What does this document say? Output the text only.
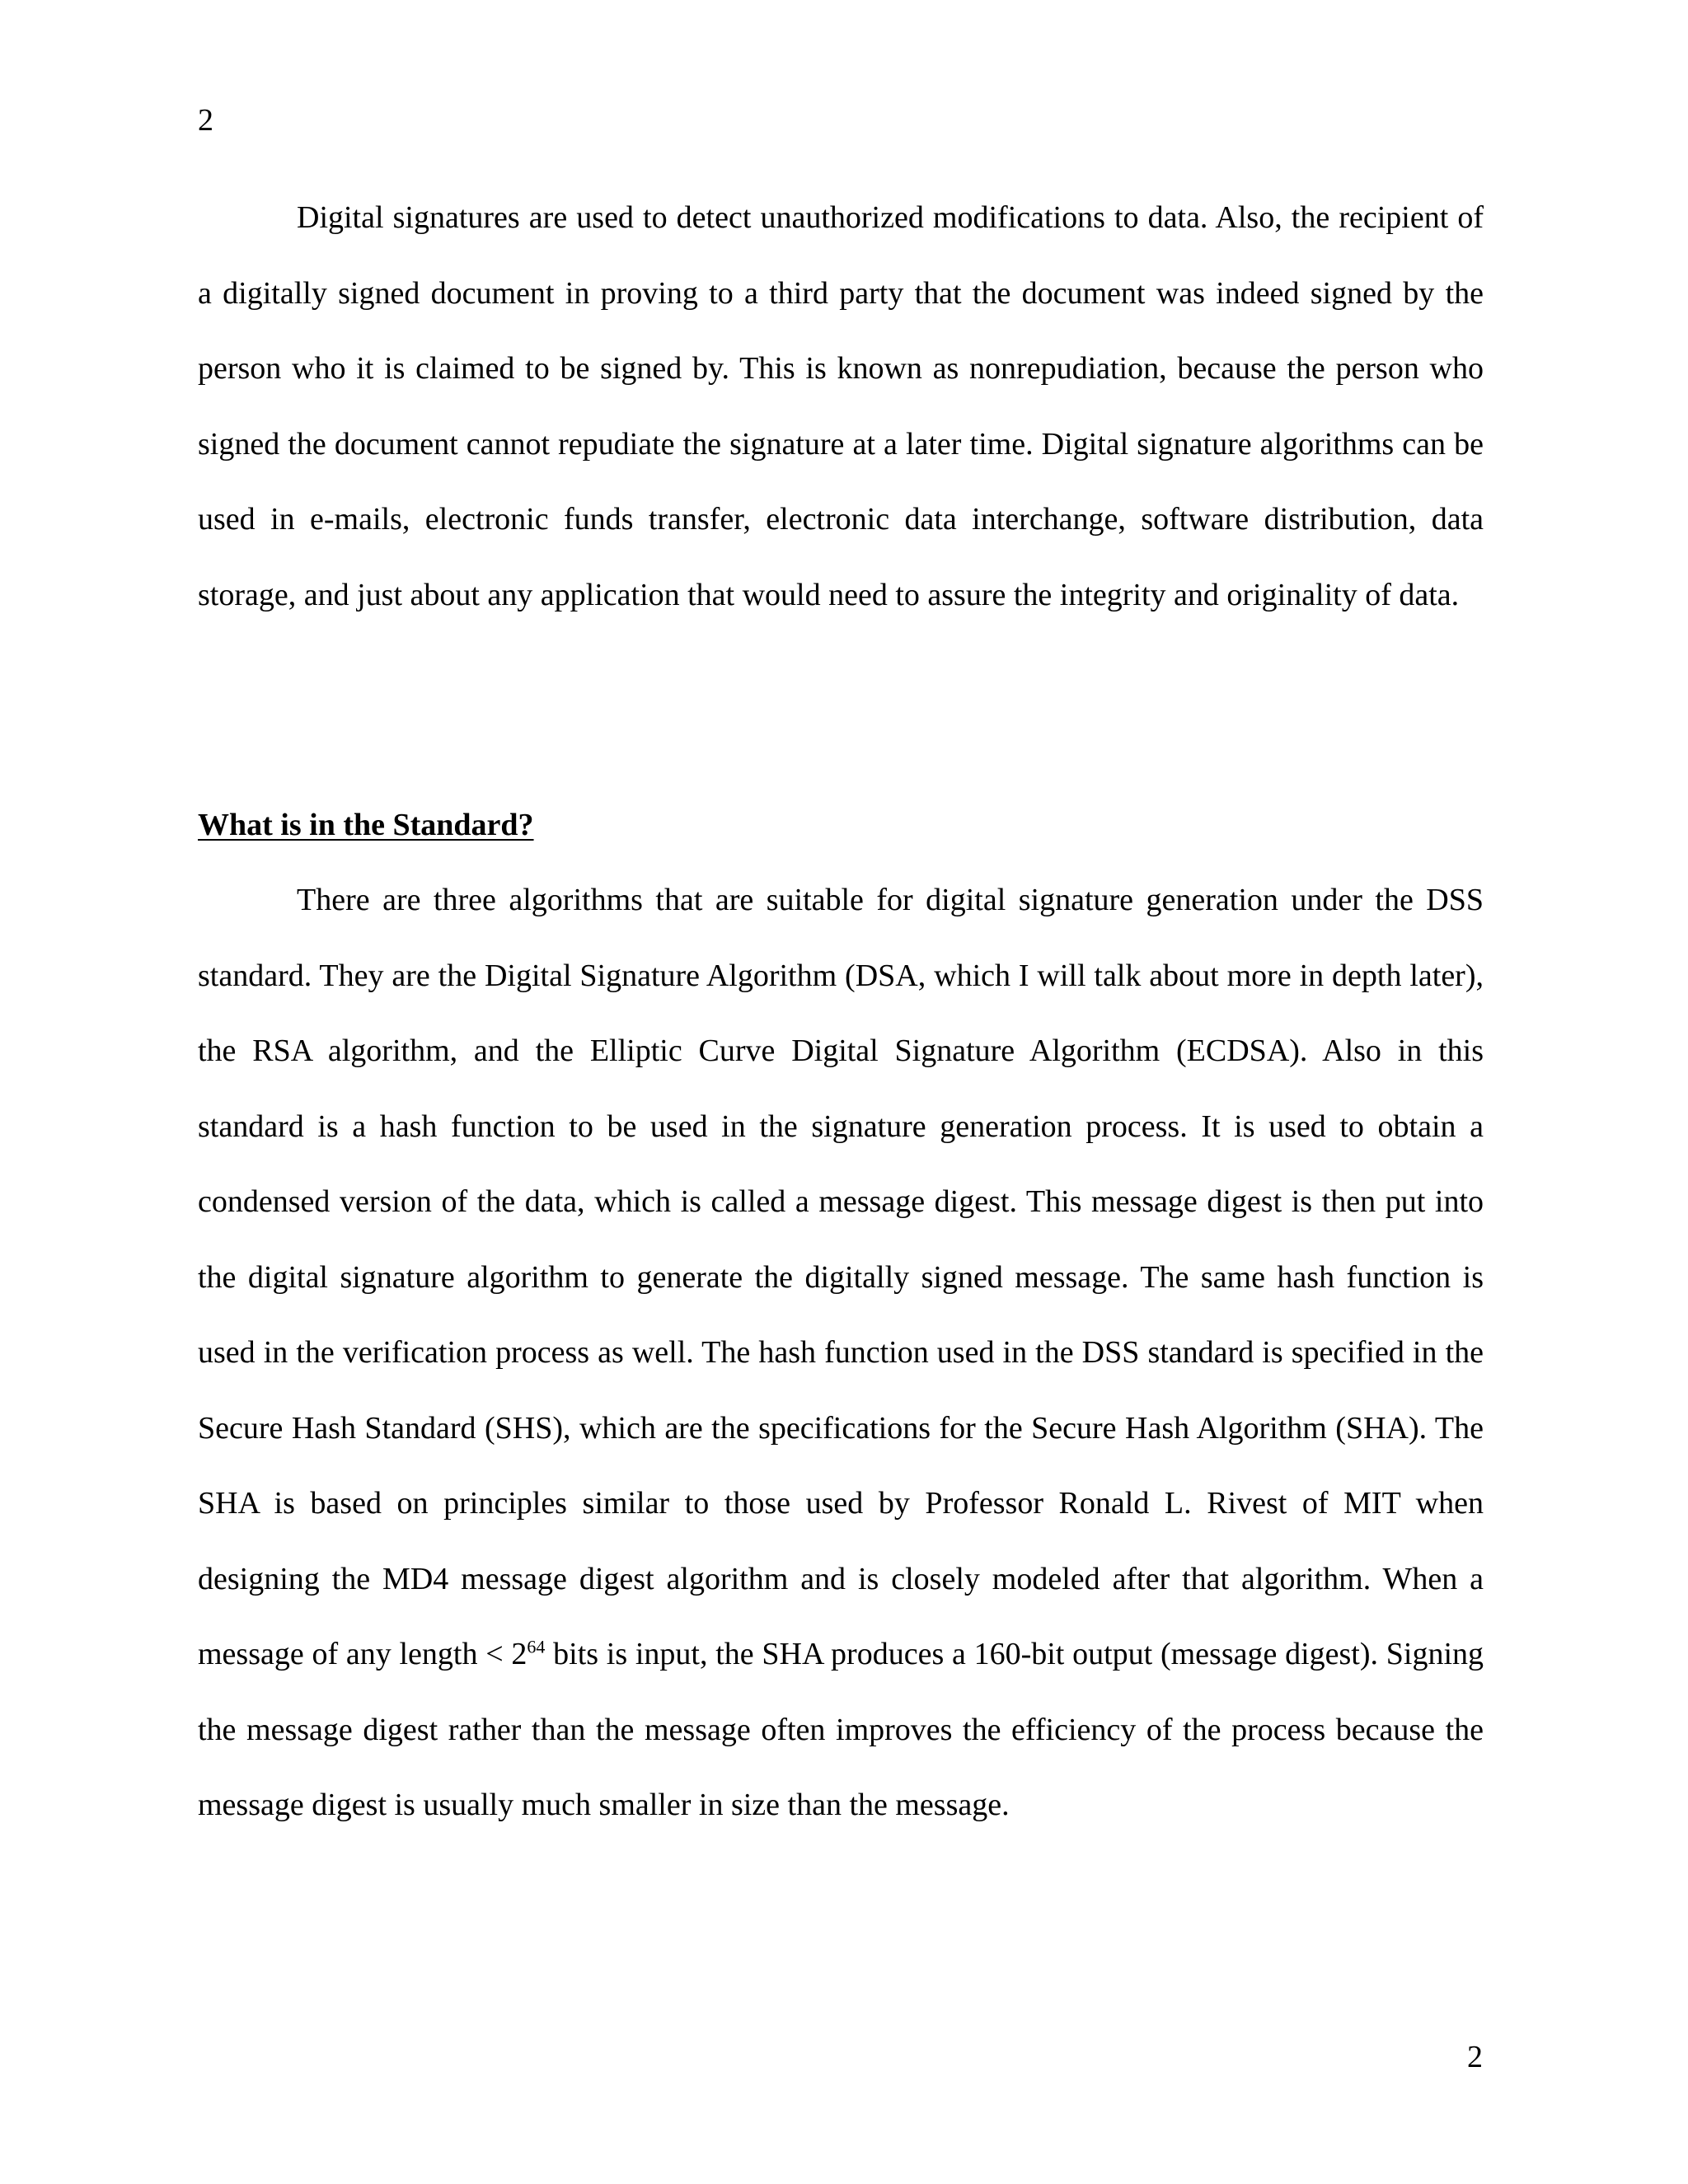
2

Digital signatures are used to detect unauthorized modifications to data. Also, the recipient of a digitally signed document in proving to a third party that the document was indeed signed by the person who it is claimed to be signed by. This is known as nonrepudiation, because the person who signed the document cannot repudiate the signature at a later time. Digital signature algorithms can be used in e-mails, electronic funds transfer, electronic data interchange, software distribution, data storage, and just about any application that would need to assure the integrity and originality of data.

What is in the Standard?

There are three algorithms that are suitable for digital signature generation under the DSS standard. They are the Digital Signature Algorithm (DSA, which I will talk about more in depth later), the RSA algorithm, and the Elliptic Curve Digital Signature Algorithm (ECDSA). Also in this standard is a hash function to be used in the signature generation process. It is used to obtain a condensed version of the data, which is called a message digest. This message digest is then put into the digital signature algorithm to generate the digitally signed message. The same hash function is used in the verification process as well. The hash function used in the DSS standard is specified in the Secure Hash Standard (SHS), which are the specifications for the Secure Hash Algorithm (SHA). The SHA is based on principles similar to those used by Professor Ronald L. Rivest of MIT when designing the MD4 message digest algorithm and is closely modeled after that algorithm. When a message of any length < $2^{64}$ bits is input, the SHA produces a 160-bit output (message digest). Signing the message digest rather than the message often improves the efficiency of the process because the message digest is usually much smaller in size than the message.

2
